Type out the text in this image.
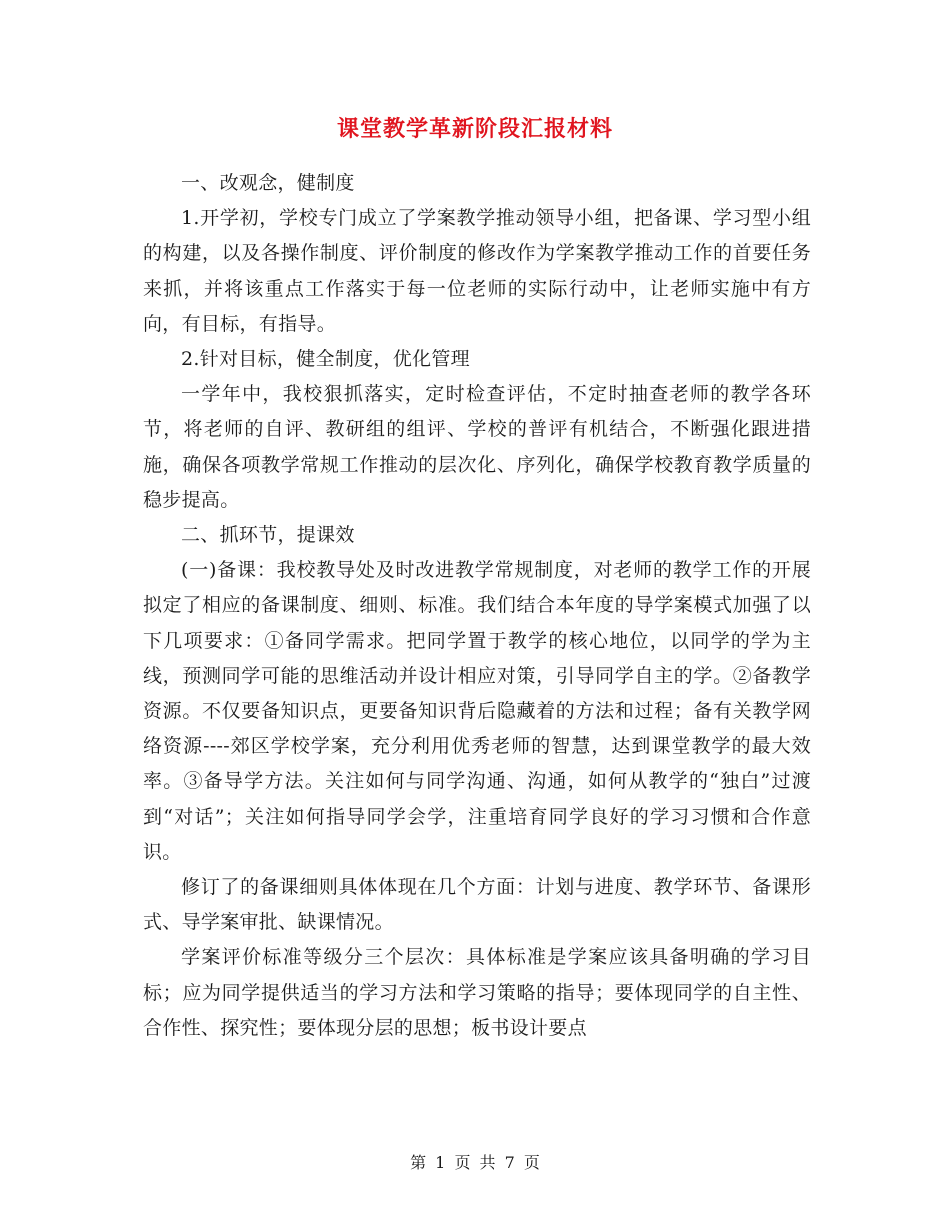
课堂教学革新阶段汇报材料

一、改观念，健制度

1.开学初，学校专门成立了学案教学推动领导小组，把备课、学习型小组的构建，以及各操作制度、评价制度的修改作为学案教学推动工作的首要任务来抓，并将该重点工作落实于每一位老师的实际行动中，让老师实施中有方向，有目标，有指导。

2.针对目标，健全制度，优化管理

一学年中，我校狠抓落实，定时检查评估，不定时抽查老师的教学各环节，将老师的自评、教研组的组评、学校的普评有机结合，不断强化跟进措施，确保各项教学常规工作推动的层次化、序列化，确保学校教育教学质量的稳步提高。

二、抓环节，提课效

(一)备课：我校教导处及时改进教学常规制度，对老师的教学工作的开展拟定了相应的备课制度、细则、标准。我们结合本年度的导学案模式加强了以下几项要求：①备同学需求。把同学置于教学的核心地位，以同学的学为主线，预测同学可能的思维活动并设计相应对策，引导同学自主的学。②备教学资源。不仅要备知识点，更要备知识背后隐藏着的方法和过程；备有关教学网络资源----郊区学校学案，充分利用优秀老师的智慧，达到课堂教学的最大效率。③备导学方法。关注如何与同学沟通、沟通，如何从教学的“独白”过渡到“对话”；关注如何指导同学会学，注重培育同学良好的学习习惯和合作意识。

修订了的备课细则具体体现在几个方面：计划与进度、教学环节、备课形式、导学案审批、缺课情况。

学案评价标准等级分三个层次：具体标准是学案应该具备明确的学习目标；应为同学提供适当的学习方法和学习策略的指导；要体现同学的自主性、合作性、探究性；要体现分层的思想；板书设计要点

第 1 页 共 7 页
